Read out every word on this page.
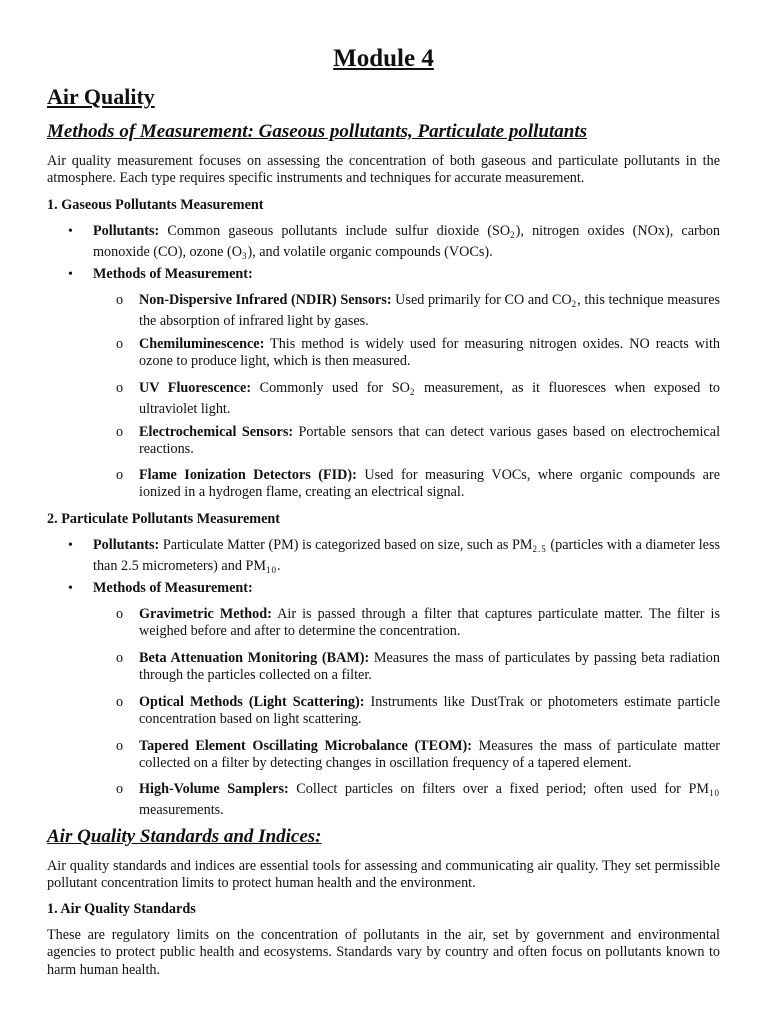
Module 4
Air Quality
Methods of Measurement: Gaseous pollutants, Particulate pollutants
Air quality measurement focuses on assessing the concentration of both gaseous and particulate pollutants in the atmosphere. Each type requires specific instruments and techniques for accurate measurement.
1. Gaseous Pollutants Measurement
• Pollutants: Common gaseous pollutants include sulfur dioxide $(SO_2)$, nitrogen oxides (NOx), carbon monoxide (CO), ozone $(O_3)$, and volatile organic compounds (VOCs).
• Methods of Measurement:
o Non-Dispersive Infrared (NDIR) Sensors: Used primarily for CO and $CO_2$, this technique measures the absorption of infrared light by gases.
o Chemiluminescence: This method is widely used for measuring nitrogen oxides. NO reacts with ozone to produce light, which is then measured.
o UV Fluorescence: Commonly used for $SO_2$ measurement, as it fluoresces when exposed to ultraviolet light.
o Electrochemical Sensors: Portable sensors that can detect various gases based on electrochemical reactions.
o Flame Ionization Detectors (FID): Used for measuring VOCs, where organic compounds are ionized in a hydrogen flame, creating an electrical signal.
2. Particulate Pollutants Measurement
• Pollutants: Particulate Matter (PM) is categorized based on size, such as $PM_{2.5}$ (particles with a diameter less than 2.5 micrometers) and $PM_{10}$.
• Methods of Measurement:
o Gravimetric Method: Air is passed through a filter that captures particulate matter. The filter is weighed before and after to determine the concentration.
o Beta Attenuation Monitoring (BAM): Measures the mass of particulates by passing beta radiation through the particles collected on a filter.
o Optical Methods (Light Scattering): Instruments like DustTrak or photometers estimate particle concentration based on light scattering.
o Tapered Element Oscillating Microbalance (TEOM): Measures the mass of particulate matter collected on a filter by detecting changes in oscillation frequency of a tapered element.
o High-Volume Samplers: Collect particles on filters over a fixed period; often used for $PM_{10}$ measurements.
Air Quality Standards and Indices:
Air quality standards and indices are essential tools for assessing and communicating air quality. They set permissible pollutant concentration limits to protect human health and the environment.
1. Air Quality Standards
These are regulatory limits on the concentration of pollutants in the air, set by government and environmental agencies to protect public health and ecosystems. Standards vary by country and often focus on pollutants known to harm human health.
